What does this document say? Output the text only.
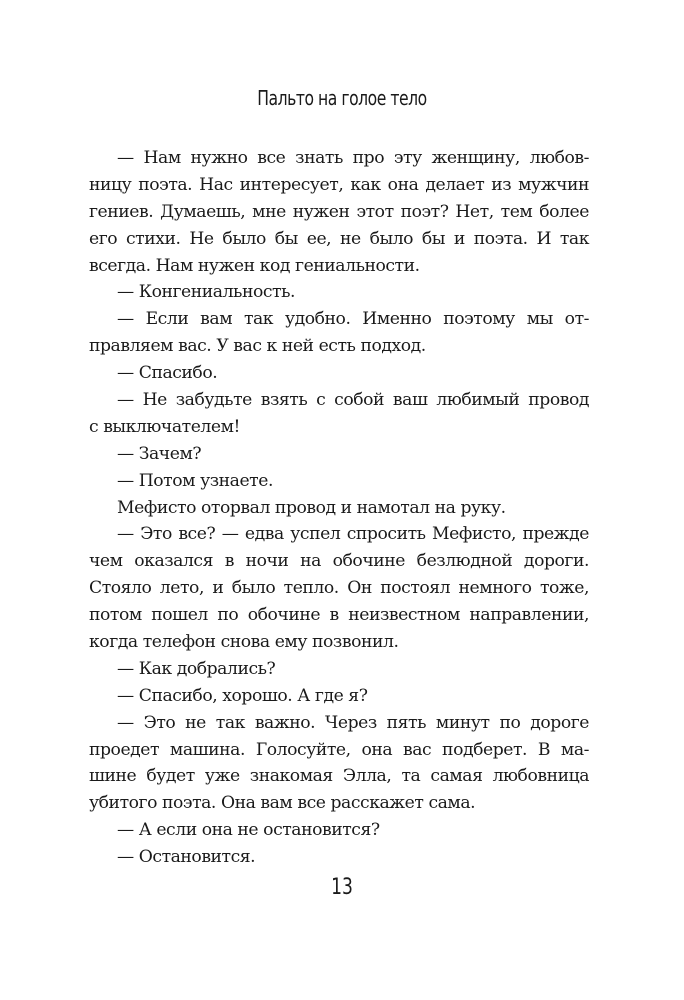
Пальто на голое тело
— Нам нужно все знать про эту женщину, любов-
ницу поэта. Нас интересует, как она делает из мужчин
гениев. Думаешь, мне нужен этот поэт? Нет, тем более
его стихи. Не было бы ее, не было бы и поэта. И так
всегда. Нам нужен код гениальности.
— Конгениальность.
— Если вам так удобно. Именно поэтому мы от-
правляем вас. У вас к ней есть подход.
— Спасибо.
— Не забудьте взять с собой ваш любимый провод
с выключателем!
— Зачем?
— Потом узнаете.
Мефисто оторвал провод и намотал на руку.
— Это все? — едва успел спросить Мефисто, прежде
чем оказался в ночи на обочине безлюдной дороги.
Стояло лето, и было тепло. Он постоял немного тоже,
потом пошел по обочине в неизвестном направлении,
когда телефон снова ему позвонил.
— Как добрались?
— Спасибо, хорошо. А где я?
— Это не так важно. Через пять минут по дороге
проедет машина. Голосуйте, она вас подберет. В ма-
шине будет уже знакомая Элла, та самая любовница
убитого поэта. Она вам все расскажет сама.
— А если она не остановится?
— Остановится.
13
